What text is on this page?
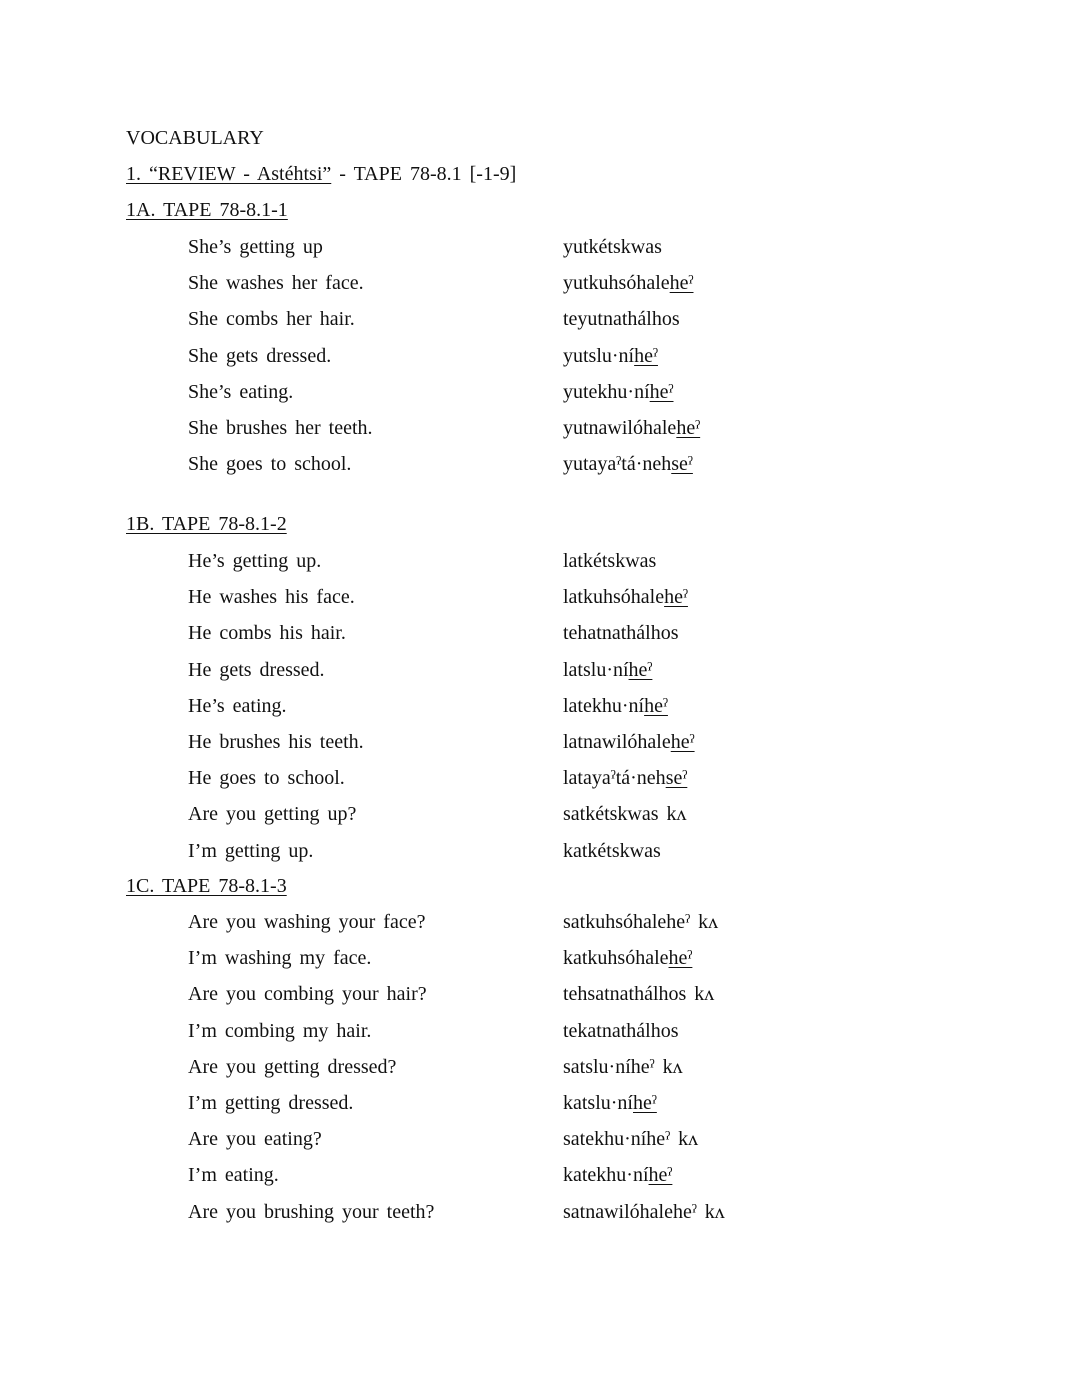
VOCABULARY
1. “REVIEW - Astéhtsi” - TAPE 78-8.1 [-1-9]
1A. TAPE 78-8.1-1
She’s getting up	yutkétskwas
She washes her face.	yutkuhsóhaleheˀ
She combs her hair.	teyutnathálhos
She gets dressed.	yutslu·níheˀ
She’s eating.	yutekhu·níheˀ
She brushes her teeth.	yutnawilóhaleheˀ
She goes to school.	yutayaˀtá·nehseˀ
1B. TAPE 78-8.1-2
He’s getting up.	latkétskwas
He washes his face.	latkuhsóhaleheˀ
He combs his hair.	tehatnathálhos
He gets dressed.	latslu·níheˀ
He’s eating.	latekhu·níheˀ
He brushes his teeth.	latnawilóhaleheˀ
He goes to school.	latayaˀtá·nehseˀ
Are you getting up?	satkétskwas kʌ
I’m getting up.	katkétskwas
1C. TAPE 78-8.1-3
Are you washing your face?	satkuhsóhaleheˀ kʌ
I’m washing my face.	katkuhsóhaleheˀ
Are you combing your hair?	tehsatnathálhos kʌ
I’m combing my hair.	tekatnathálhos
Are you getting dressed?	satslu·níheˀ kʌ
I’m getting dressed.	katslu·níheˀ
Are you eating?	satekhu·níheˀ kʌ
I’m eating.	katekhu·níheˀ
Are you brushing your teeth?	satnawilóhaleheˀ kʌ
